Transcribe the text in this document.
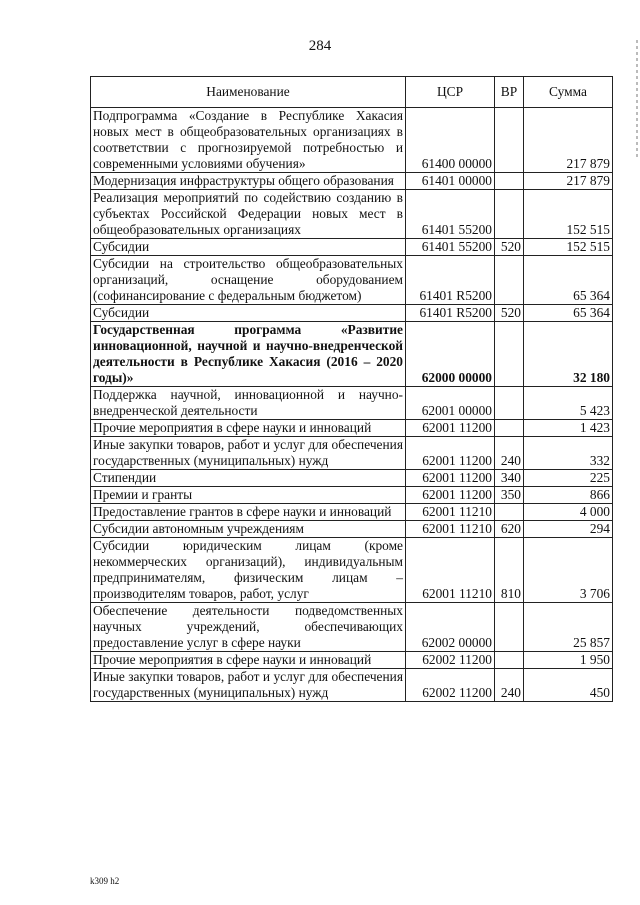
284
Наименование	ЦСР	ВР	Сумма
Подпрограмма «Создание в Республике Хакасия новых мест в общеобразовательных организациях в соответствии с прогнозируемой потребностью и современными условиями обучения»	61400 00000		217 879
Модернизация инфраструктуры общего образования	61401 00000		217 879
Реализация мероприятий по содействию созданию в субъектах Российской Федерации новых мест в общеобразовательных организациях	61401 55200		152 515
Субсидии	61401 55200	520	152 515
Субсидии на строительство общеобразовательных организаций, оснащение оборудованием (софинансирование с федеральным бюджетом)	61401 R5200		65 364
Субсидии	61401 R5200	520	65 364
Государственная программа «Развитие инновационной, научной и научно-внедренческой деятельности в Республике Хакасия (2016 – 2020 годы)»	62000 00000		32 180
Поддержка научной, инновационной и научно-внедренческой деятельности	62001 00000		5 423
Прочие мероприятия в сфере науки и инноваций	62001 11200		1 423
Иные закупки товаров, работ и услуг для обеспечения государственных (муниципальных) нужд	62001 11200	240	332
Стипендии	62001 11200	340	225
Премии и гранты	62001 11200	350	866
Предоставление грантов в сфере науки и инноваций	62001 11210		4 000
Субсидии автономным учреждениям	62001 11210	620	294
Субсидии юридическим лицам (кроме некоммерческих организаций), индивидуальным предпринимателям, физическим лицам – производителям товаров, работ, услуг	62001 11210	810	3 706
Обеспечение деятельности подведомственных научных учреждений, обеспечивающих предоставление услуг в сфере науки	62002 00000		25 857
Прочие мероприятия в сфере науки и инноваций	62002 11200		1 950
Иные закупки товаров, работ и услуг для обеспечения государственных (муниципальных) нужд	62002 11200	240	450
k309 h2
